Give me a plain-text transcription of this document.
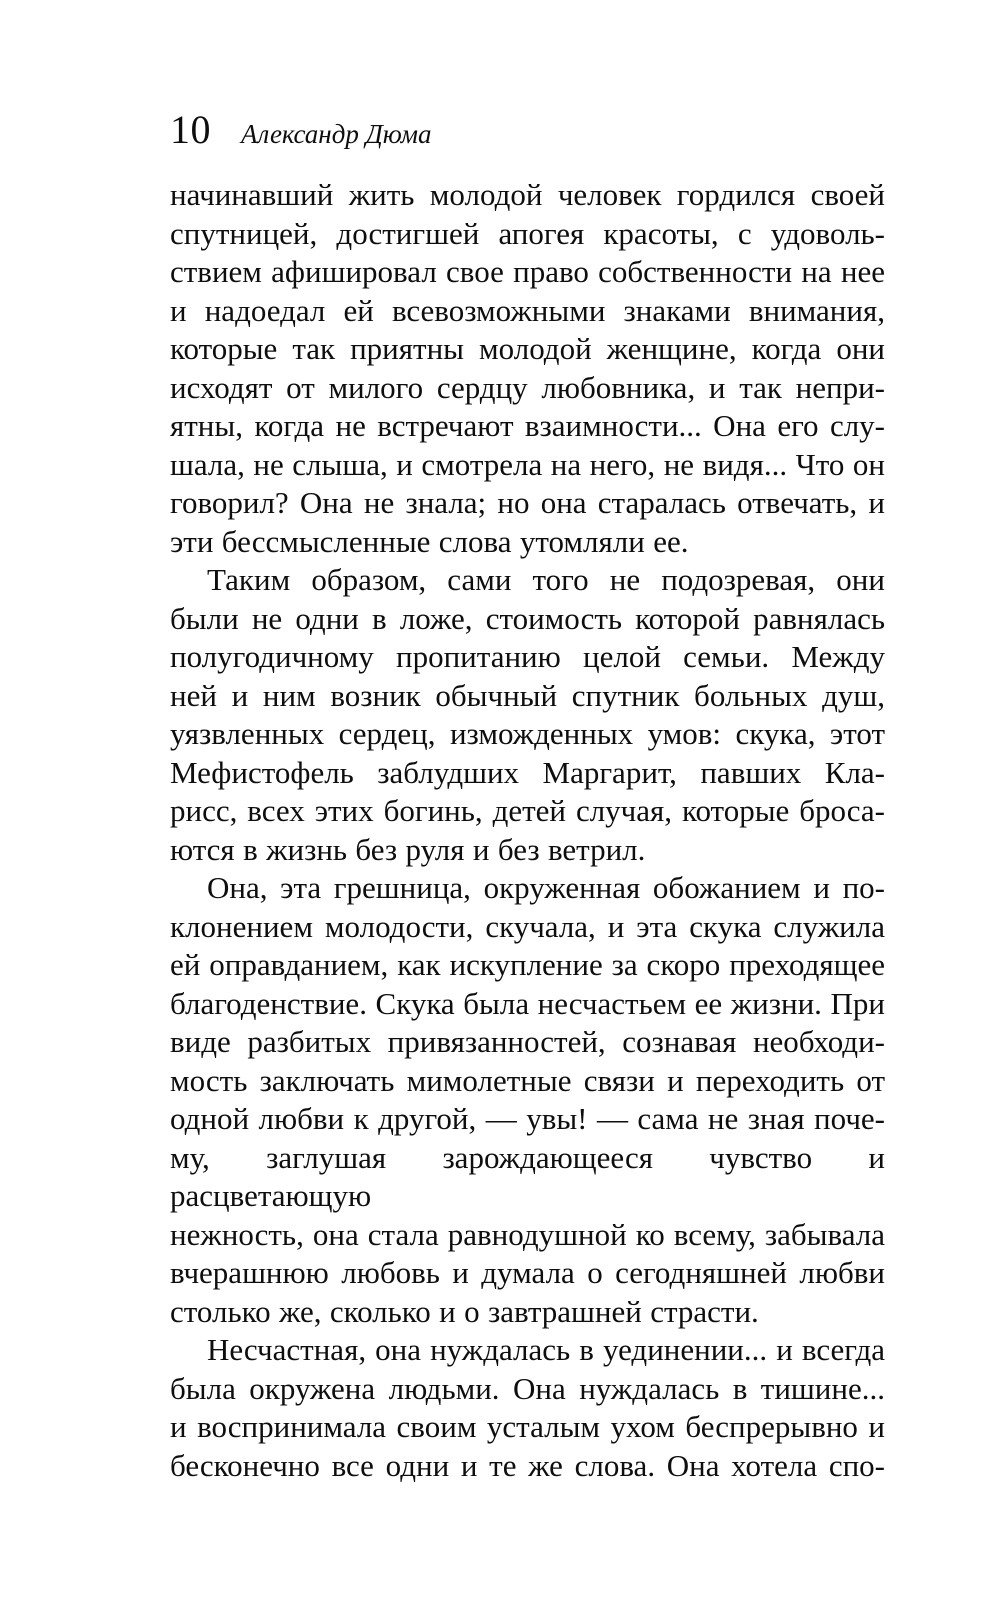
10 Александр Дюма
начинавший жить молодой человек гордился своей
спутницей, достигшей апогея красоты, с удоволь-
ствием афишировал свое право собственности на нее
и надоедал ей всевозможными знаками внимания,
которые так приятны молодой женщине, когда они
исходят от милого сердцу любовника, и так непри-
ятны, когда не встречают взаимности... Она его слу-
шала, не слыша, и смотрела на него, не видя... Что он
говорил? Она не знала; но она старалась отвечать, и
эти бессмысленные слова утомляли ее.
Таким образом, сами того не подозревая, они
были не одни в ложе, стоимость которой равнялась
полугодичному пропитанию целой семьи. Между
ней и ним возник обычный спутник больных душ,
уязвленных сердец, изможденных умов: скука, этот
Мефистофель заблудших Маргарит, павших Кла-
рисс, всех этих богинь, детей случая, которые броса-
ются в жизнь без руля и без ветрил.
Она, эта грешница, окруженная обожанием и по-
клонением молодости, скучала, и эта скука служила
ей оправданием, как искупление за скоро преходящее
благоденствие. Скука была несчастьем ее жизни. При
виде разбитых привязанностей, сознавая необходи-
мость заключать мимолетные связи и переходить от
одной любви к другой, — увы! — сама не зная поче-
му, заглушая зарождающееся чувство и расцветающую
нежность, она стала равнодушной ко всему, забывала
вчерашнюю любовь и думала о сегодняшней любви
столько же, сколько и о завтрашней страсти.
Несчастная, она нуждалась в уединении... и всегда
была окружена людьми. Она нуждалась в тишине...
и воспринимала своим усталым ухом беспрерывно и
бесконечно все одни и те же слова. Она хотела спо-
